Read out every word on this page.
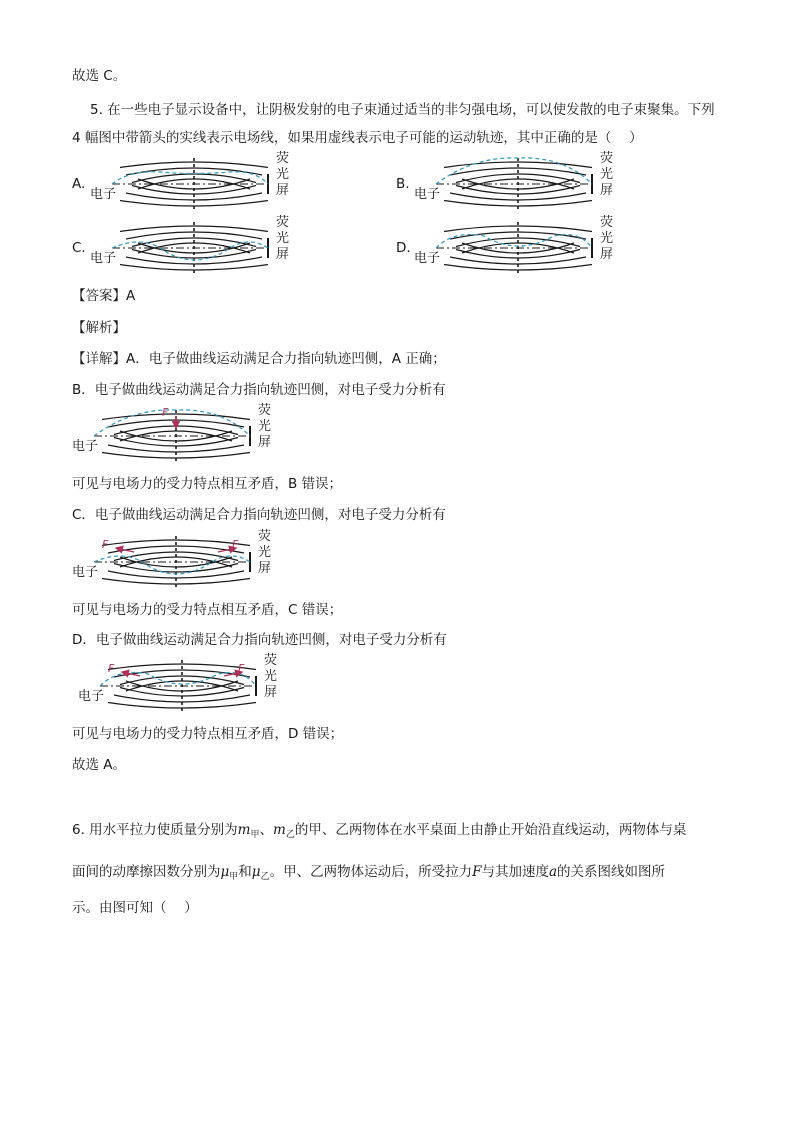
故选 C。
5. 在一些电子显示设备中，让阴极发射的电子束通过适当的非匀强电场，可以使发散的电子束聚集。下列
4 幅图中带箭头的实线表示电场线，如果用虚线表示电子可能的运动轨迹，其中正确的是（　 ）
A.	B.
C.	D.
电子
荧
光
屏	电子
荧
光
屏
电子
荧
光
屏	电子
荧
光
屏
【答案】A
【解析】
【详解】A．电子做曲线运动满足合力指向轨迹凹侧，A 正确；
B．电子做曲线运动满足合力指向轨迹凹侧，对电子受力分析有
F
电子
荧
光
屏
可见与电场力的受力特点相互矛盾，B 错误；
C．电子做曲线运动满足合力指向轨迹凹侧，对电子受力分析有
F	F
电子
荧
光
屏
可见与电场力的受力特点相互矛盾，C 错误；
D．电子做曲线运动满足合力指向轨迹凹侧，对电子受力分析有
F	F
电子
荧
光
屏
可见与电场力的受力特点相互矛盾，D 错误；
故选 A。
6. 用水平拉力使质量分别为$m_甲$、$m_乙$的甲、乙两物体在水平桌面上由静止开始沿直线运动，两物体与桌
面间的动摩擦因数分别为$\mu_甲$和$\mu_乙$。甲、乙两物体运动后，所受拉力F与其加速度a的关系图线如图所
示。由图可知（　 ）
